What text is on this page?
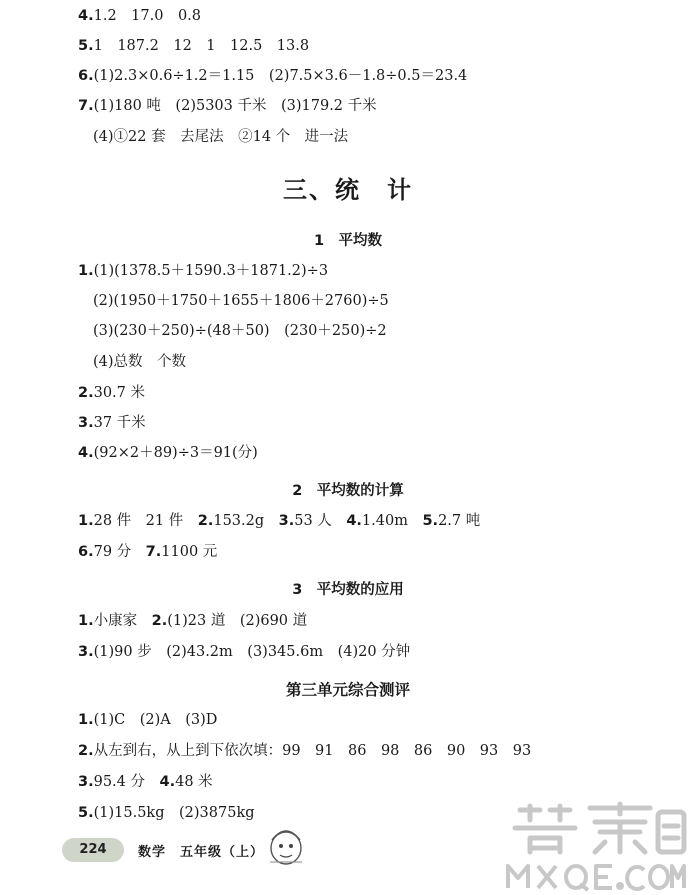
4.1.2　17.0　0.8
5.1　187.2　12　1　12.5　13.8
6.(1)2.3×0.6÷1.2＝1.15　(2)7.5×3.6－1.8÷0.5＝23.4
7.(1)180 吨　(2)5303 千米　(3)179.2 千米
(4)①22 套　去尾法　②14 个　进一法
三、统　计
1　平均数
1.(1)(1378.5＋1590.3＋1871.2)÷3
(2)(1950＋1750＋1655＋1806＋2760)÷5
(3)(230＋250)÷(48＋50)　(230＋250)÷2
(4)总数　个数
2.30.7 米
3.37 千米
4.(92×2＋89)÷3＝91(分)
2　平均数的计算
1.28 件　21 件　2.153.2g　3.53 人　4.1.40m　5.2.7 吨
6.79 分　7.1100 元
3　平均数的应用
1.小康家　2.(1)23 道　(2)690 道
3.(1)90 步　(2)43.2m　(3)345.6m　(4)20 分钟
第三单元综合测评
1.(1)C　(2)A　(3)D
2.从左到右，从上到下依次填：99　91　86　98　86　90　93　93
3.95.4 分　4.48 米
5.(1)15.5kg　(2)3875kg
224	数学　五年级（上）
